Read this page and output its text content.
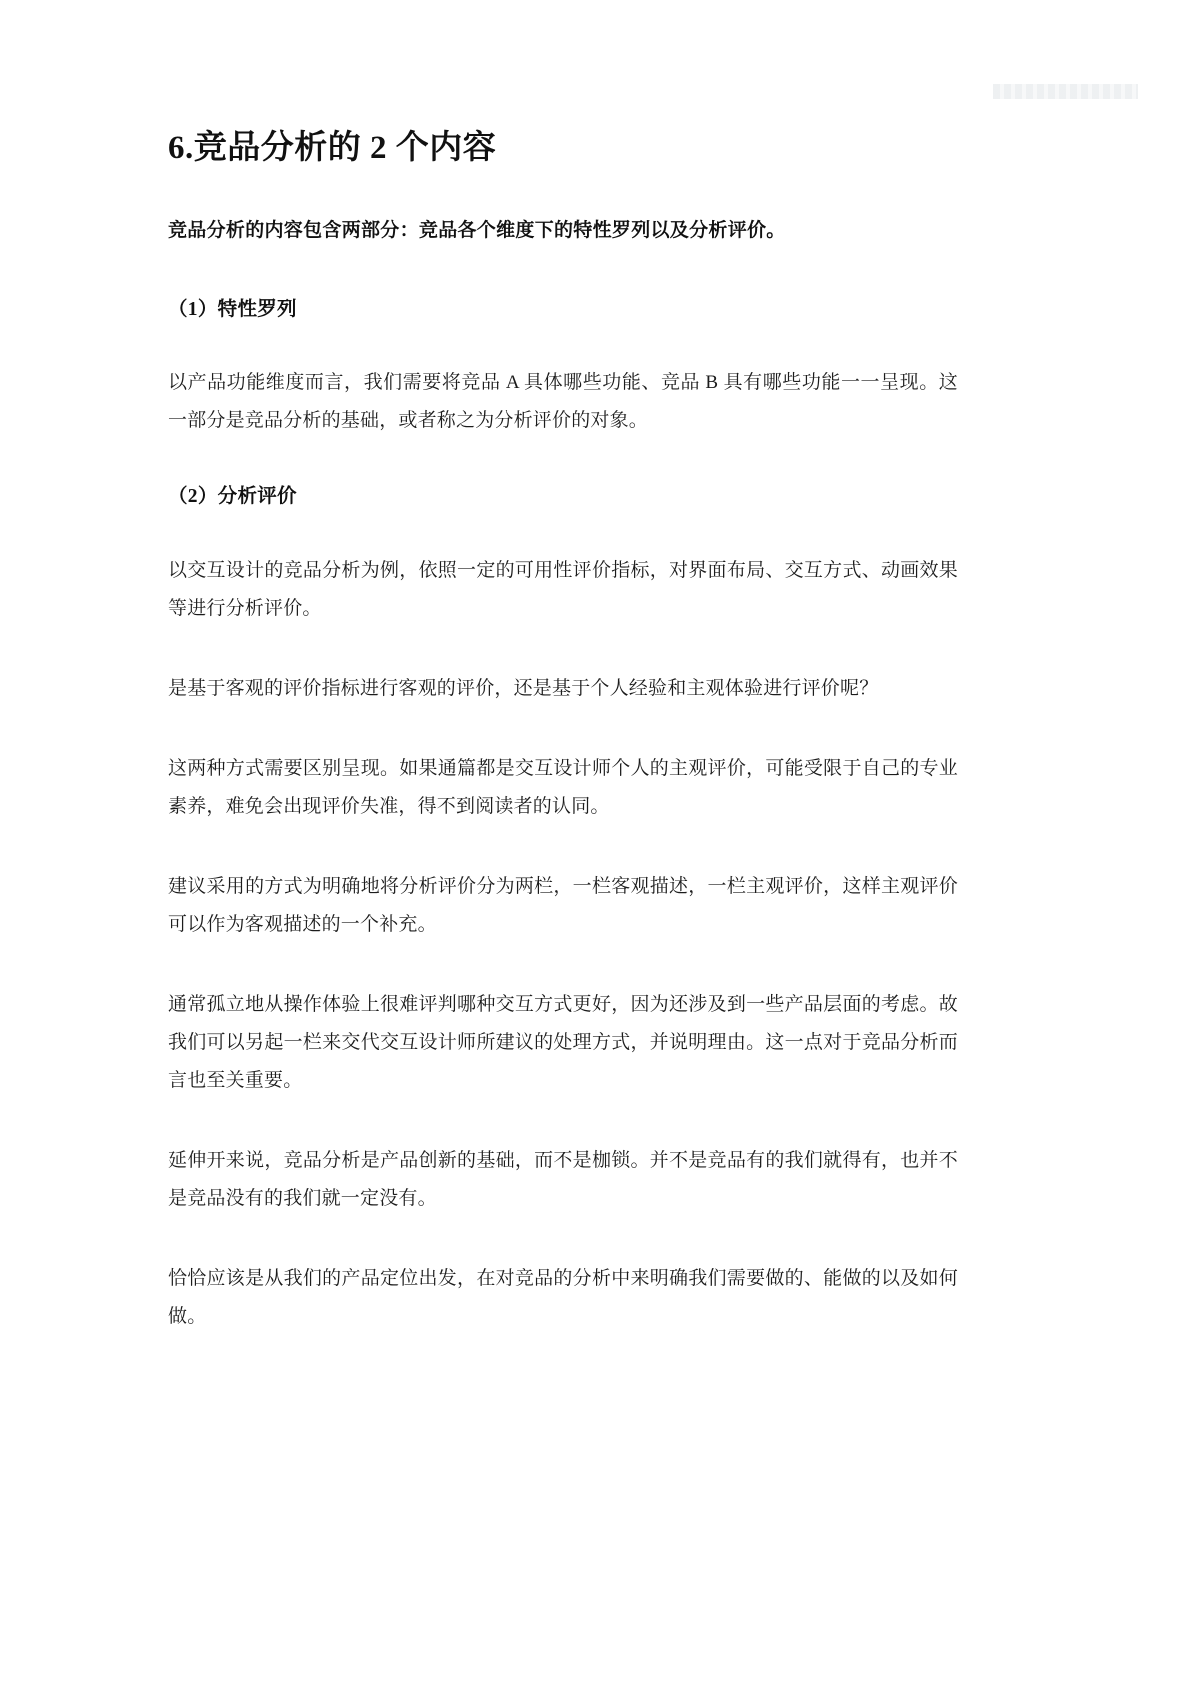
6.竞品分析的 2 个内容

竞品分析的内容包含两部分：竞品各个维度下的特性罗列以及分析评价。

（1）特性罗列

以产品功能维度而言，我们需要将竞品 A 具体哪些功能、竞品 B 具有哪些功能一一呈现。这一部分是竞品分析的基础，或者称之为分析评价的对象。

（2）分析评价

以交互设计的竞品分析为例，依照一定的可用性评价指标，对界面布局、交互方式、动画效果等进行分析评价。

是基于客观的评价指标进行客观的评价，还是基于个人经验和主观体验进行评价呢？

这两种方式需要区别呈现。如果通篇都是交互设计师个人的主观评价，可能受限于自己的专业素养，难免会出现评价失准，得不到阅读者的认同。

建议采用的方式为明确地将分析评价分为两栏，一栏客观描述，一栏主观评价，这样主观评价可以作为客观描述的一个补充。

通常孤立地从操作体验上很难评判哪种交互方式更好，因为还涉及到一些产品层面的考虑。故我们可以另起一栏来交代交互设计师所建议的处理方式，并说明理由。这一点对于竞品分析而言也至关重要。

延伸开来说，竞品分析是产品创新的基础，而不是枷锁。并不是竞品有的我们就得有，也并不是竞品没有的我们就一定没有。

恰恰应该是从我们的产品定位出发，在对竞品的分析中来明确我们需要做的、能做的以及如何做。
